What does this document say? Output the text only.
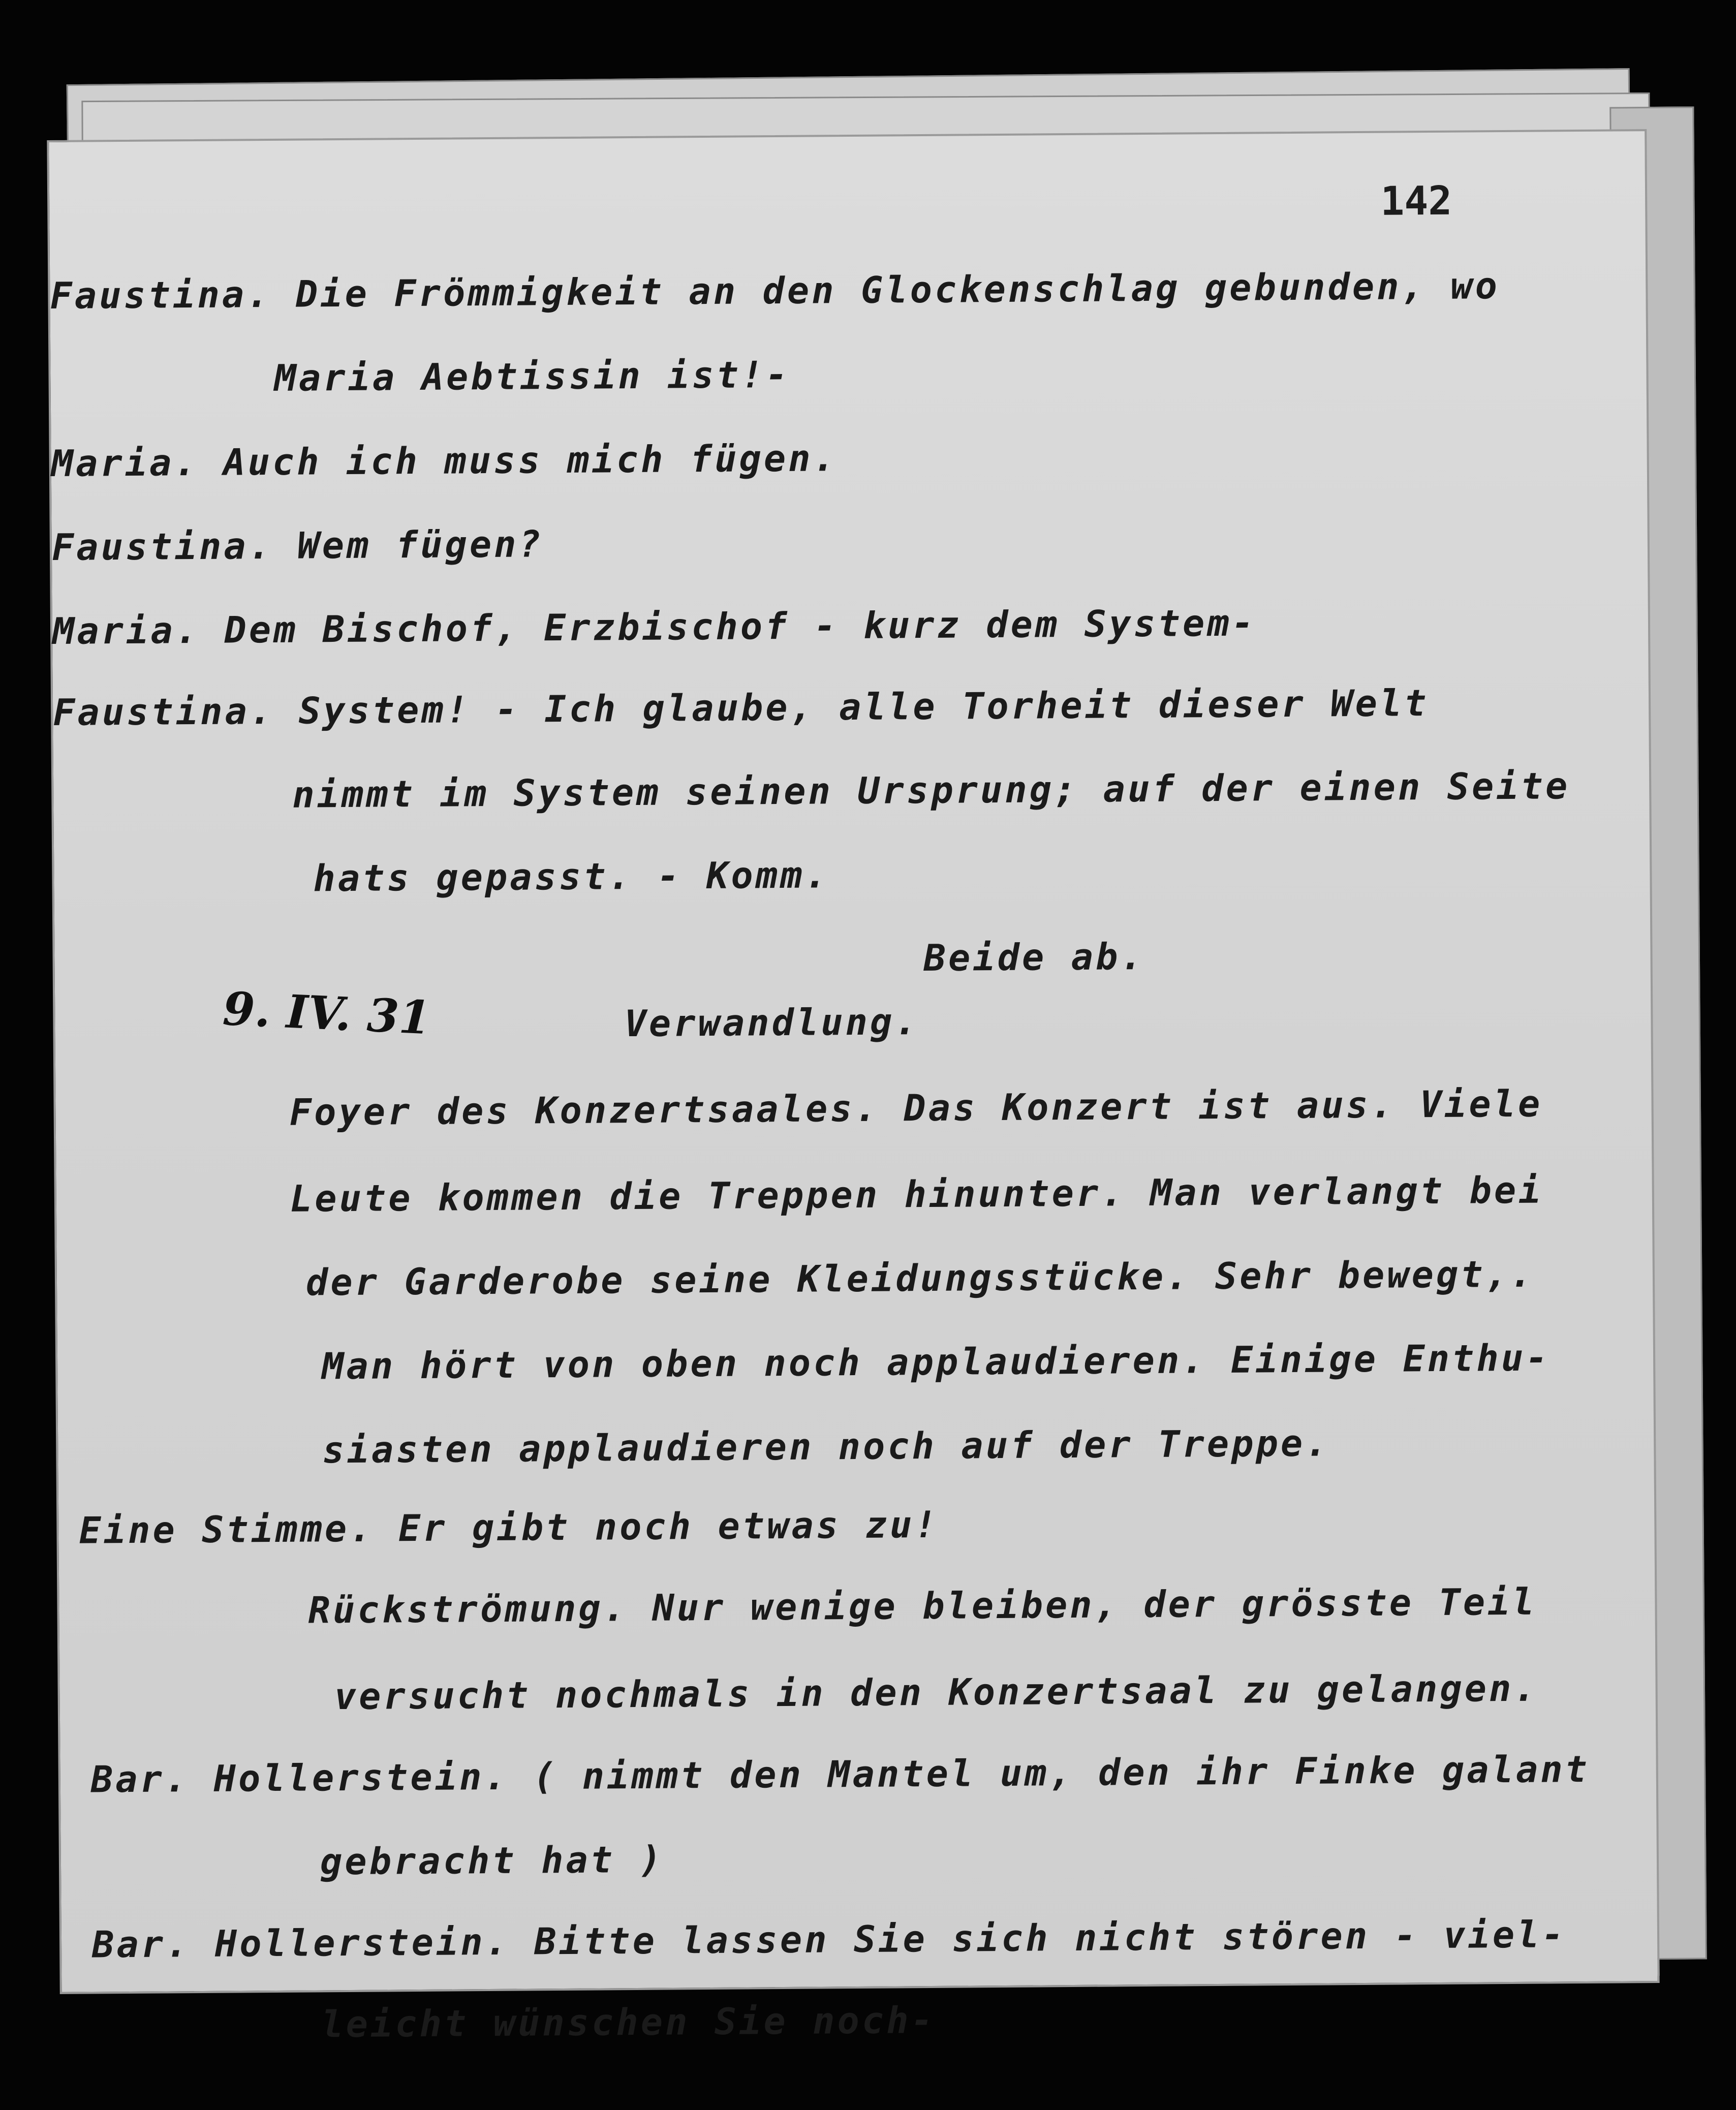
142
9. IV. 31
Faustina. Die Frömmigkeit an den Glockenschlag gebunden, wo
Maria Aebtissin ist!-
Maria. Auch ich muss mich fügen.
Faustina. Wem fügen?
Maria. Dem Bischof, Erzbischof - kurz dem System-
Faustina. System! - Ich glaube, alle Torheit dieser Welt
nimmt im System seinen Ursprung; auf der einen Seite
hats gepasst. - Komm.
Beide ab.
Verwandlung.
Foyer des Konzertsaales. Das Konzert ist aus. Viele
Leute kommen die Treppen hinunter. Man verlangt bei
der Garderobe seine Kleidungsstücke. Sehr bewegt,.
Man hört von oben noch applaudieren. Einige Enthu-
siasten applaudieren noch auf der Treppe.
Eine Stimme. Er gibt noch etwas zu!
Rückströmung. Nur wenige bleiben, der grösste Teil
versucht nochmals in den Konzertsaal zu gelangen.
Bar. Hollerstein. ( nimmt den Mantel um, den ihr Finke galant
gebracht hat )
Bar. Hollerstein. Bitte lassen Sie sich nicht stören - viel-
leicht wünschen Sie noch-
